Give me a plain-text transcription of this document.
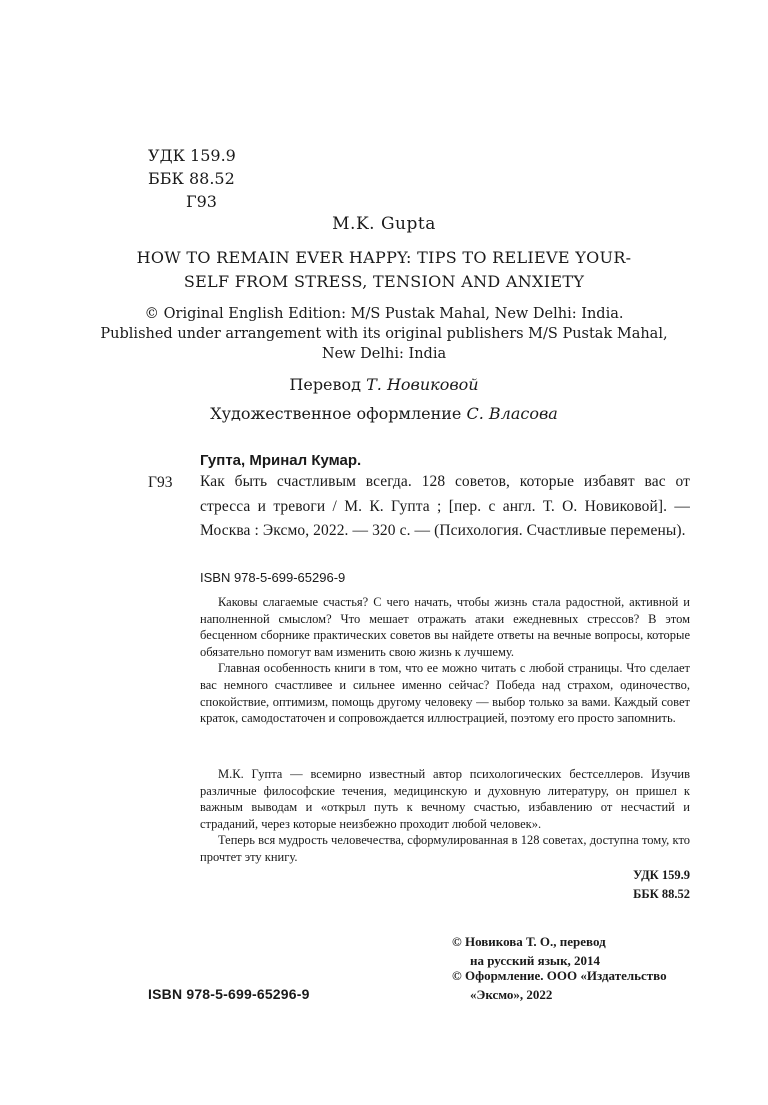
УДК 159.9
ББК 88.52
Г93
M.K. Gupta
HOW TO REMAIN EVER HAPPY: TIPS TO RELIEVE YOUR-
SELF FROM STRESS, TENSION AND ANXIETY
© Original English Edition: M/S Pustak Mahal, New Delhi: India.
Published under arrangement with its original publishers M/S Pustak Mahal,
New Delhi: India
Перевод Т. Новиковой
Художественное оформление С. Власова
Гупта, Мринал Кумар.
Г93 Как быть счастливым всегда. 128 советов, которые избавят вас от стресса и тревоги / М. К. Гупта ; [пер. с англ. Т. О. Новиковой]. — Москва : Эксмо, 2022. — 320 с. — (Психология. Счастливые перемены).
ISBN 978-5-699-65296-9

Каковы слагаемые счастья? С чего начать, чтобы жизнь стала радостной, активной и наполненной смыслом? Что мешает отражать атаки ежедневных стрессов? В этом бесценном сборнике практических советов вы найдете ответы на вечные вопросы, которые обязательно помогут вам изменить свою жизнь к лучшему.

Главная особенность книги в том, что ее можно читать с любой страницы. Что сделает вас немного счастливее и сильнее именно сейчас? Победа над страхом, одиночество, спокойствие, оптимизм, помощь другому человеку — выбор только за вами. Каждый совет краток, самодостаточен и сопровождается иллюстрацией, поэтому его просто запомнить.

М.К. Гупта — всемирно известный автор психологических бестселлеров. Изучив различные философские течения, медицинскую и духовную литературу, он пришел к важным выводам и «открыл путь к вечному счастью, избавлению от несчастий и страданий, через которые неизбежно проходит любой человек».

Теперь вся мудрость человечества, сформулированная в 128 советах, доступна тому, кто прочтет эту книгу.

УДК 159.9
ББК 88.52
© Новикова Т. О., перевод
на русский язык, 2014
© Оформление. ООО «Издательство
«Эксмо», 2022
ISBN 978-5-699-65296-9
